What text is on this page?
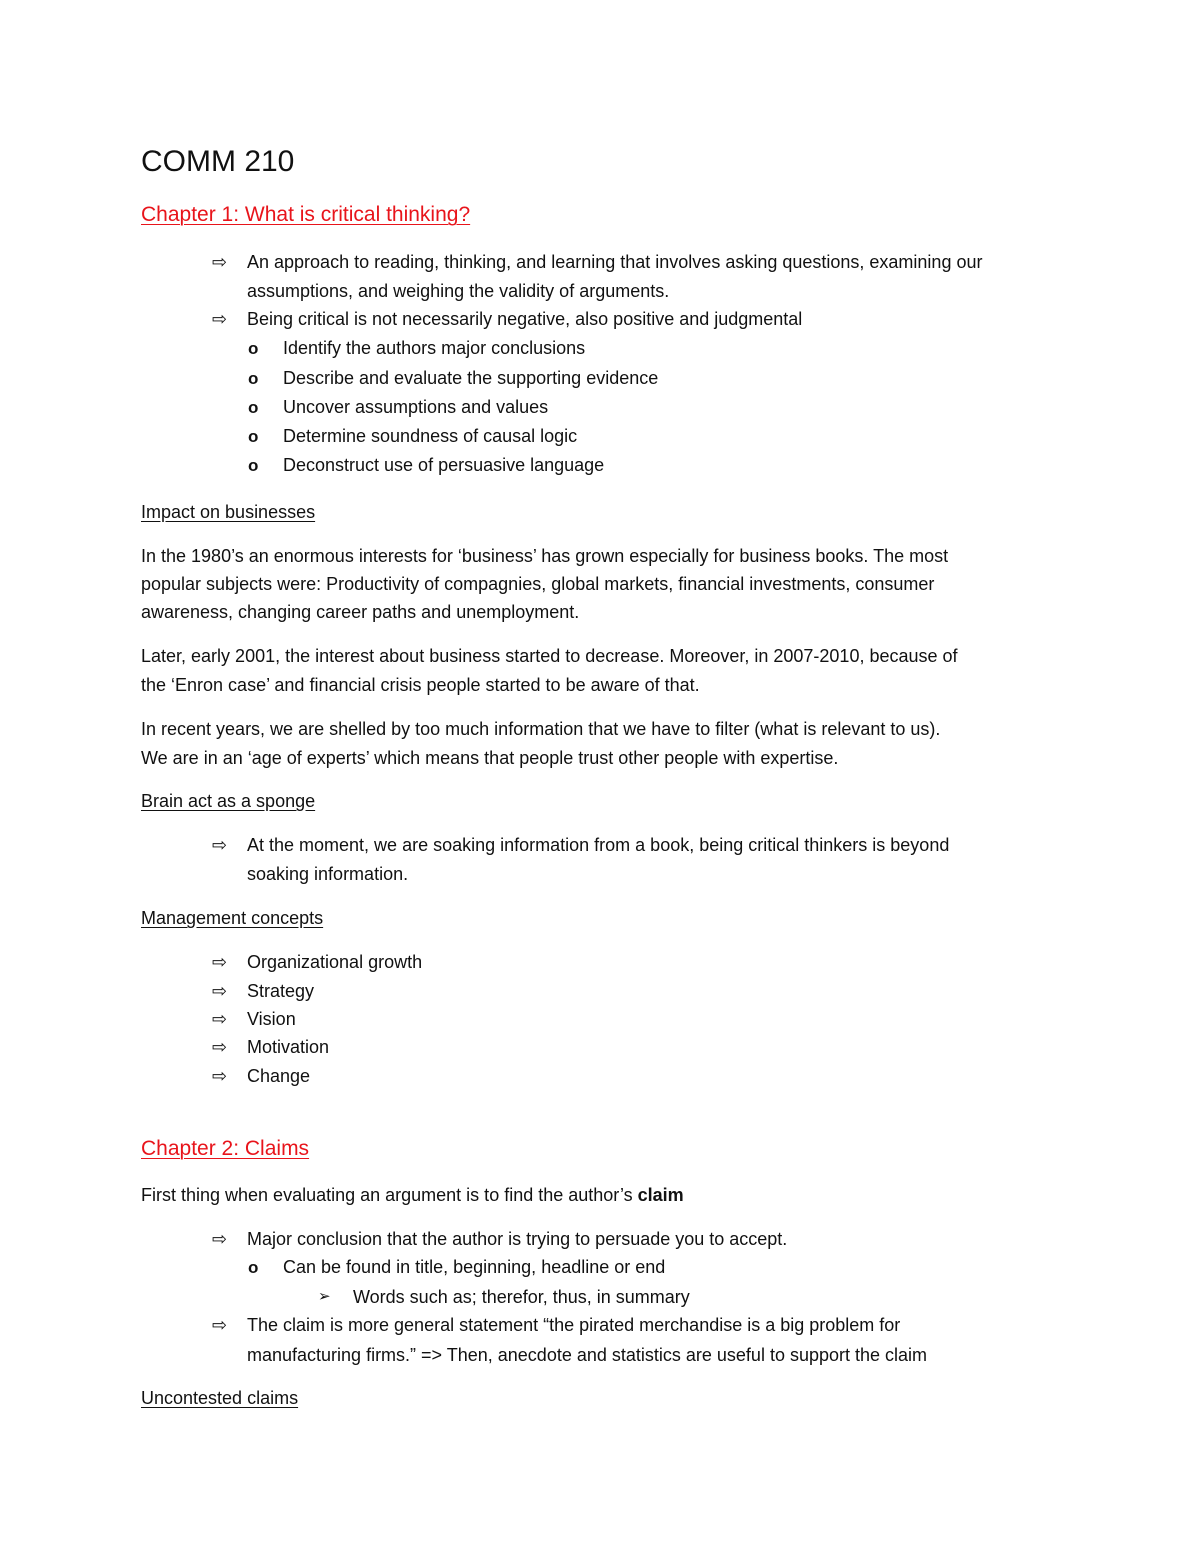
COMM 210
Chapter 1: What is critical thinking?
⇨ An approach to reading, thinking, and learning that involves asking questions, examining our
assumptions, and weighing the validity of arguments.
⇨ Being critical is not necessarily negative, also positive and judgmental
o Identify the authors major conclusions
o Describe and evaluate the supporting evidence
o Uncover assumptions and values
o Determine soundness of causal logic
o Deconstruct use of persuasive language
Impact on businesses
In the 1980’s an enormous interests for ‘business’ has grown especially for business books. The most
popular subjects were: Productivity of compagnies, global markets, financial investments, consumer
awareness, changing career paths and unemployment.
Later, early 2001, the interest about business started to decrease. Moreover, in 2007-2010, because of
the ‘Enron case’ and financial crisis people started to be aware of that.
In recent years, we are shelled by too much information that we have to filter (what is relevant to us).
We are in an ‘age of experts’ which means that people trust other people with expertise.
Brain act as a sponge
⇨ At the moment, we are soaking information from a book, being critical thinkers is beyond
soaking information.
Management concepts
⇨ Organizational growth
⇨ Strategy
⇨ Vision
⇨ Motivation
⇨ Change
Chapter 2: Claims
First thing when evaluating an argument is to find the author’s claim
⇨ Major conclusion that the author is trying to persuade you to accept.
o Can be found in title, beginning, headline or end
➢ Words such as; therefor, thus, in summary
⇨ The claim is more general statement “the pirated merchandise is a big problem for
manufacturing firms.” => Then, anecdote and statistics are useful to support the claim
Uncontested claims
